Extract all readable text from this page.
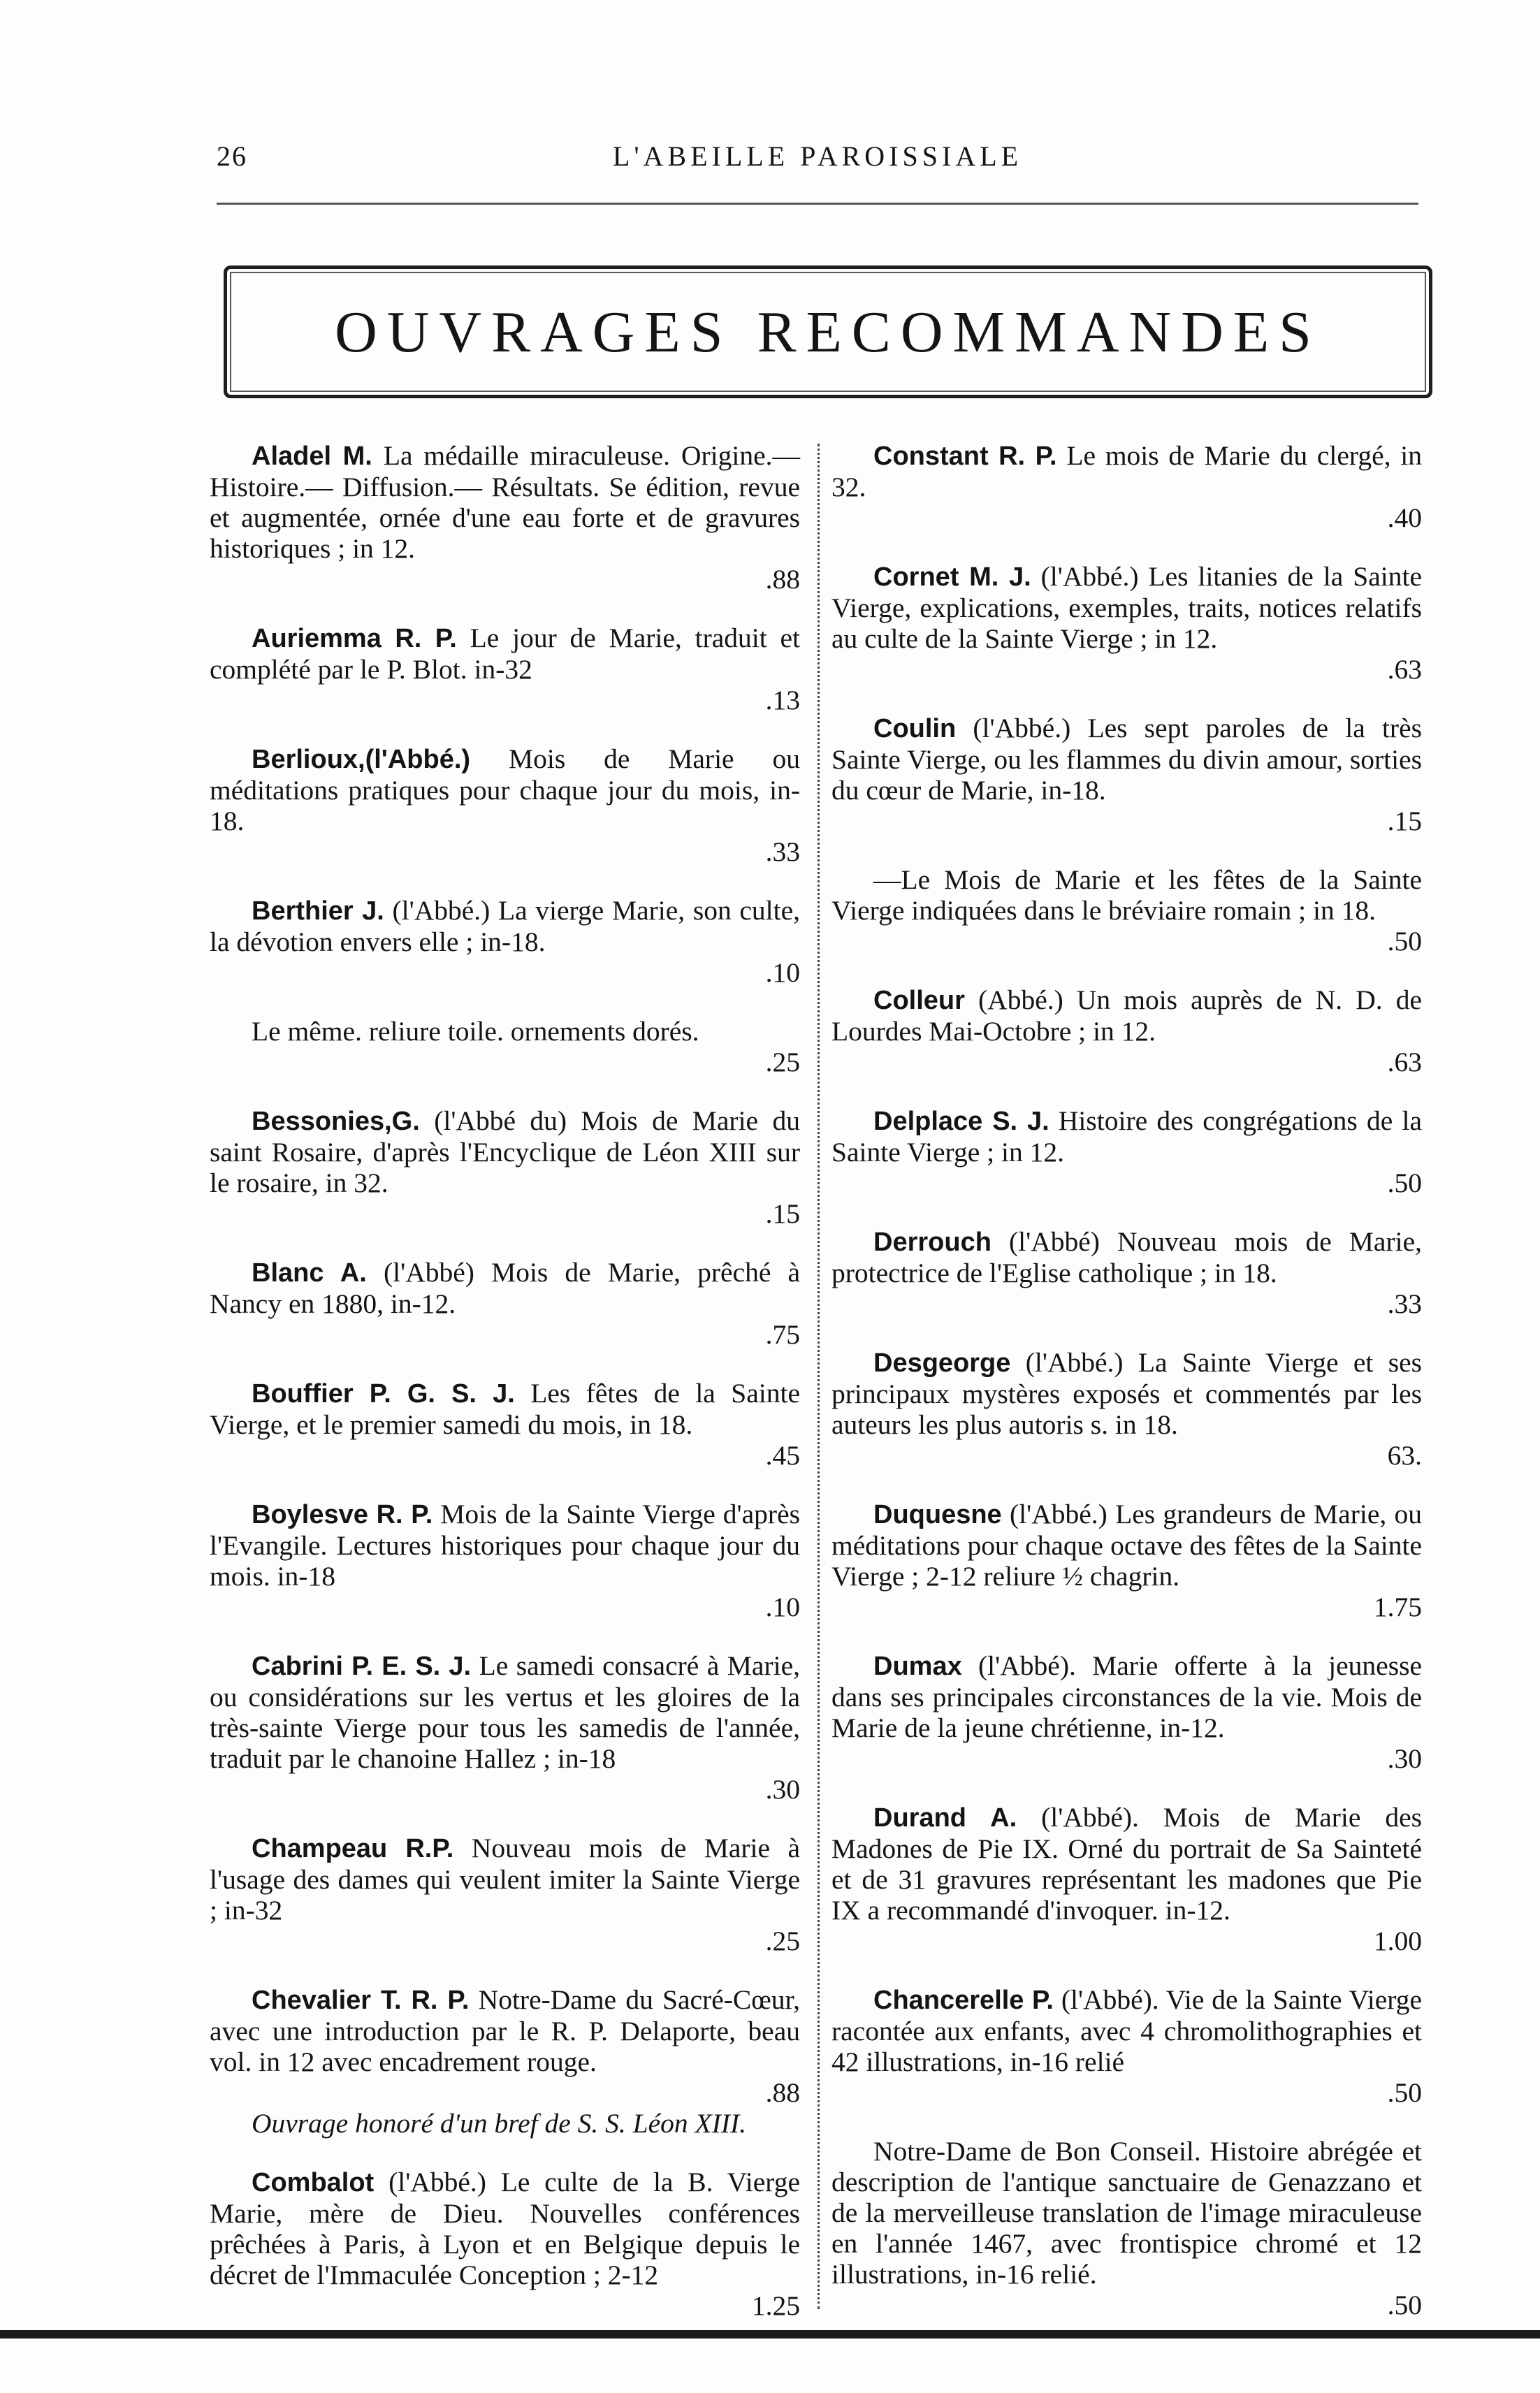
26	L'ABEILLE PAROISSIALE
OUVRAGES RECOMMANDES

Aladel M. La médaille miraculeuse. Origine.—Histoire.— Diffusion.— Résultats. Se édition, revue et augmentée, ornée d'une eau forte et de gravures historiques ; in 12.
.88

Auriemma R. P. Le jour de Marie, traduit et complété par le P. Blot. in-32
.13

Berlioux,(l'Abbé.) Mois de Marie ou méditations pratiques pour chaque jour du mois, in-18.
.33

Berthier J. (l'Abbé.) La vierge Marie, son culte, la dévotion envers elle ; in-18.
.10

Le même. reliure toile. ornements dorés.
.25

Bessonies,G. (l'Abbé du) Mois de Marie du saint Rosaire, d'après l'Encyclique de Léon XIII sur le rosaire, in 32.
.15

Blanc A. (l'Abbé) Mois de Marie, prêché à Nancy en 1880, in-12.
.75

Bouffier P. G. S. J. Les fêtes de la Sainte Vierge, et le premier samedi du mois, in 18.
.45

Boylesve R. P. Mois de la Sainte Vierge d'après l'Evangile. Lectures historiques pour chaque jour du mois. in-18
.10

Cabrini P. E. S. J. Le samedi consacré à Marie, ou considérations sur les vertus et les gloires de la très-sainte Vierge pour tous les samedis de l'année, traduit par le chanoine Hallez ; in-18
.30

Champeau R.P. Nouveau mois de Marie à l'usage des dames qui veulent imiter la Sainte Vierge ; in-32
.25

Chevalier T. R. P. Notre-Dame du Sacré-Cœur, avec une introduction par le R. P. Delaporte, beau vol. in 12 avec encadrement rouge.
.88
Ouvrage honoré d'un bref de S. S. Léon XIII.

Combalot (l'Abbé.) Le culte de la B. Vierge Marie, mère de Dieu. Nouvelles conférences prêchées à Paris, à Lyon et en Belgique depuis le décret de l'Immaculée Conception ; 2-12
1.25

Constant R. P. Le mois de Marie du clergé, in 32.
.40

Cornet M. J. (l'Abbé.) Les litanies de la Sainte Vierge, explications, exemples, traits, notices relatifs au culte de la Sainte Vierge ; in 12.
.63

Coulin (l'Abbé.) Les sept paroles de la très Sainte Vierge, ou les flammes du divin amour, sorties du cœur de Marie, in-18.
.15

—Le Mois de Marie et les fêtes de la Sainte Vierge indiquées dans le bréviaire romain ; in 18.
.50

Colleur (Abbé.) Un mois auprès de N. D. de Lourdes Mai-Octobre ; in 12.
.63

Delplace S. J. Histoire des congrégations de la Sainte Vierge ; in 12.
.50

Derrouch (l'Abbé) Nouveau mois de Marie, protectrice de l'Eglise catholique ; in 18.
.33

Desgeorge (l'Abbé.) La Sainte Vierge et ses principaux mystères exposés et commentés par les auteurs les plus autoris s. in 18.
63.

Duquesne (l'Abbé.) Les grandeurs de Marie, ou méditations pour chaque octave des fêtes de la Sainte Vierge ; 2-12 reliure ½ chagrin.
1.75

Dumax (l'Abbé). Marie offerte à la jeunesse dans ses principales circonstances de la vie. Mois de Marie de la jeune chrétienne, in-12.
.30

Durand A. (l'Abbé). Mois de Marie des Madones de Pie IX. Orné du portrait de Sa Sainteté et de 31 gravures représentant les madones que Pie IX a recommandé d'invoquer. in-12.
1.00

Chancerelle P. (l'Abbé). Vie de la Sainte Vierge racontée aux enfants, avec 4 chromolithographies et 42 illustrations, in-16 relié
.50

Notre-Dame de Bon Conseil. Histoire abrégée et description de l'antique sanctuaire de Genazzano et de la merveilleuse translation de l'image miraculeuse en l'année 1467, avec frontispice chromé et 12 illustrations, in-16 relié.
.50
